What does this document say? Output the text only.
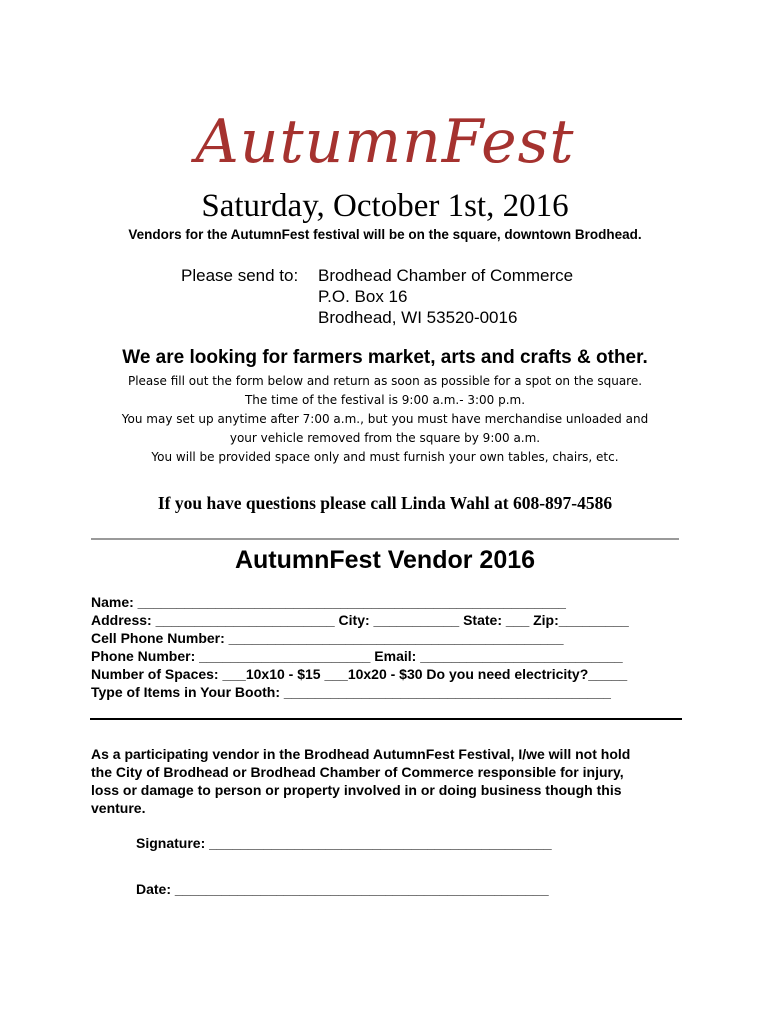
AutumnFest
Saturday, October 1st, 2016
Vendors for the AutumnFest festival will be on the square, downtown Brodhead.
Please send to: Brodhead Chamber of Commerce
P.O. Box 16
Brodhead, WI 53520-0016
We are looking for farmers market, arts and crafts & other.
Please fill out the form below and return as soon as possible for a spot on the square.
The time of the festival is 9:00 a.m.- 3:00 p.m.
You may set up anytime after 7:00 a.m., but you must have merchandise unloaded and
your vehicle removed from the square by 9:00 a.m.
You will be provided space only and must furnish your own tables, chairs, etc.
If you have questions please call Linda Wahl at 608-897-4586
AutumnFest Vendor 2016
Name: _______________________________________________________
Address: _______________________ City: ___________ State: ___ Zip:_________
Cell Phone Number: ___________________________________________
Phone Number: ______________________ Email: __________________________
Number of Spaces: ___10x10 - $15 ___10x20 - $30 Do you need electricity?_____
Type of Items in Your Booth: __________________________________________
As a participating vendor in the Brodhead AutumnFest Festival, I/we will not hold
the City of Brodhead or Brodhead Chamber of Commerce responsible for injury,
loss or damage to person or property involved in or doing business though this
venture.
Signature: ____________________________________________
Date: ________________________________________________
